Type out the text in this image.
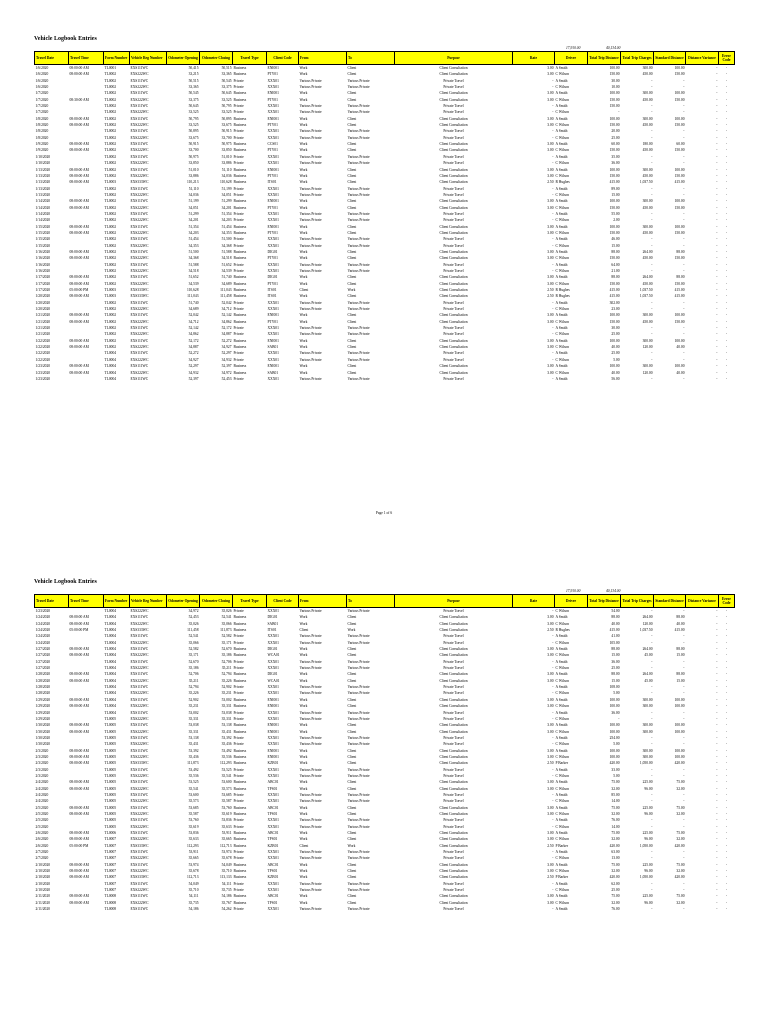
Vehicle Logbook Entries
17,910.00	40,134.00
Travel Date	Travel Time	Form Number	Vehicle Reg Number	Odometer Opening	Odometer Closing	Travel Type	Client Code	From	To	Purpose	Rate	Driver	Total Trip Distance	Total Trip Charges	Standard Distance	Distance Variance	Error Code
1/6/2020	08:00:00 AM	TL0001	EXS111WC	50,415	50,515	Business	ENI001	Work	Client	Client Consultation	3.00	A Smith	100.00	300.00	100.00	-	-
1/6/2020	08:00:00 AM	TL0002	EXS222WC	33,215	33,365	Business	PTY01	Work	Client	Client Consultation	3.00	C Wilson	150.00	450.00	150.00	-	-
1/6/2020		TL0002	EXS111WC	50,515	50,545	Private	XXX01	Various Private	Various Private	Private Travel	-	A Smith	30.00	-	-	-	-
1/6/2020		TL0002	EXS222WC	33,365	33,375	Private	XXX01	Various Private	Various Private	Private Travel	-	C Wilson	10.00	-	-	-	-
1/7/2020		TL0002	EXS111WC	50,545	50,645	Business	ENI001	Work	Client	Client Consultation	3.00	A Smith	100.00	300.00	100.00	-	-
1/7/2020	08:30:00 AM	TL0002	EXS222WC	33,375	33,525	Business	PTY01	Work	Client	Client Consultation	3.00	C Wilson	150.00	450.00	150.00	-	-
1/7/2020		TL0002	EXS111WC	50,645	50,795	Private	XXX01	Various Private	Various Private	Private Travel	-	A Smith	150.00	-	-	-	-
1/7/2020		TL0002	EXS222WC	33,525	33,525	Private	XXX01	Various Private	Various Private	Private Travel	-	C Wilson	-	-	-	-	-
1/8/2020	08:00:00 AM	TL0002	EXS111WC	50,795	50,895	Business	ENI001	Work	Client	Client Consultation	3.00	A Smith	100.00	300.00	100.00	-	-
1/8/2020	08:00:00 AM	TL0002	EXS222WC	33,525	33,675	Business	PTY01	Work	Client	Client Consultation	3.00	C Wilson	150.00	450.00	150.00	-	-
1/8/2020		TL0002	EXS111WC	50,895	50,915	Private	XXX01	Various Private	Various Private	Private Travel	-	A Smith	20.00	-	-	-	-
1/8/2020		TL0002	EXS222WC	33,675	33,700	Private	XXX01	Various Private	Various Private	Private Travel	-	C Wilson	25.00	-	-	-	-
1/9/2020	08:00:00 AM	TL0002	EXS111WC	50,915	50,975	Business	CCS01	Work	Client	Client Consultation	3.00	A Smith	60.00	180.00	60.00	-	-
1/9/2020	08:00:00 AM	TL0002	EXS222WC	33,700	33,850	Business	PTY01	Work	Client	Client Consultation	3.00	C Wilson	150.00	450.00	150.00	-	-
1/10/2020		TL0002	EXS111WC	50,975	51,010	Private	XXX01	Various Private	Various Private	Private Travel	-	A Smith	35.00	-	-	-	-
1/10/2020		TL0002	EXS222WC	33,850	33,886	Private	XXX01	Various Private	Various Private	Private Travel	-	C Wilson	36.00	-	-	-	-
1/13/2020	08:00:00 AM	TL0002	EXS111WC	51,010	51,110	Business	ENI001	Work	Client	Client Consultation	3.00	A Smith	100.00	300.00	100.00	-	-
1/13/2020	08:00:00 AM	TL0002	EXS222WC	33,886	34,036	Business	PTY01	Work	Client	Client Consultation	3.00	C Wilson	150.00	450.00	150.00	-	-
1/13/2020	08:00:00 AM	TL0003	EXS333WC	110,213	110,628	Business	ITS01	Work	Client	Client Consultation	2.50	R Hughes	415.00	1,037.50	415.00	-	-
1/13/2020		TL0002	EXS111WC	51,110	51,199	Private	XXX01	Various Private	Various Private	Private Travel	-	A Smith	89.00	-	-	-	-
1/13/2020		TL0002	EXS222WC	34,036	34,051	Private	XXX01	Various Private	Various Private	Private Travel	-	C Wilson	15.00	-	-	-	-
1/14/2020	08:00:00 AM	TL0002	EXS111WC	51,199	51,299	Business	ENI001	Work	Client	Client Consultation	3.00	A Smith	100.00	300.00	100.00	-	-
1/14/2020	08:00:00 AM	TL0002	EXS222WC	34,051	34,201	Business	PTY01	Work	Client	Client Consultation	3.00	C Wilson	150.00	450.00	150.00	-	-
1/14/2020		TL0002	EXS111WC	51,299	51,354	Private	XXX01	Various Private	Various Private	Private Travel	-	A Smith	55.00	-	-	-	-
1/14/2020		TL0002	EXS222WC	34,201	34,203	Private	XXX01	Various Private	Various Private	Private Travel	-	C Wilson	2.00	-	-	-	-
1/15/2020	08:00:00 AM	TL0002	EXS111WC	51,354	51,454	Business	ENI001	Work	Client	Client Consultation	3.00	A Smith	100.00	300.00	100.00	-	-
1/15/2020	08:00:00 AM	TL0002	EXS222WC	34,203	34,353	Business	PTY01	Work	Client	Client Consultation	3.00	C Wilson	150.00	450.00	150.00	-	-
1/15/2020		TL0002	EXS111WC	51,454	51,500	Private	XXX01	Various Private	Various Private	Private Travel	-	A Smith	46.00	-	-	-	-
1/15/2020		TL0002	EXS222WC	34,353	34,368	Private	XXX01	Various Private	Various Private	Private Travel	-	C Wilson	15.00	-	-	-	-
1/16/2020	08:00:00 AM	TL0002	EXS111WC	51,500	51,588	Business	DIG01	Work	Client	Client Consultation	3.00	A Smith	88.00	264.00	88.00	-	-
1/16/2020	08:00:00 AM	TL0002	EXS222WC	34,368	34,518	Business	PTY01	Work	Client	Client Consultation	3.00	C Wilson	150.00	450.00	150.00	-	-
1/16/2020		TL0002	EXS111WC	51,588	51,652	Private	XXX01	Various Private	Various Private	Private Travel	-	A Smith	64.00	-	-	-	-
1/16/2020		TL0002	EXS222WC	34,518	34,539	Private	XXX01	Various Private	Various Private	Private Travel	-	C Wilson	21.00	-	-	-	-
1/17/2020	08:00:00 AM	TL0002	EXS111WC	51,652	51,740	Business	DIG01	Work	Client	Client Consultation	3.00	A Smith	88.00	264.00	88.00	-	-
1/17/2020	08:00:00 AM	TL0002	EXS222WC	34,539	34,689	Business	PTY01	Work	Client	Client Consultation	3.00	C Wilson	150.00	450.00	150.00	-	-
1/17/2020	05:00:00 PM	TL0003	EXS333WC	110,628	111,043	Business	ITS01	Client	Work	Client Consultation	2.50	R Hughes	415.00	1,037.50	415.00	-	-
1/20/2020	08:00:00 AM	TL0003	EXS333WC	111,043	111,458	Business	ITS01	Work	Client	Client Consultation	2.50	R Hughes	415.00	1,037.50	415.00	-	-
1/20/2020		TL0002	EXS111WC	51,740	52,042	Private	XXX01	Various Private	Various Private	Private Travel	-	A Smith	302.00	-	-	-	-
1/20/2020		TL0002	EXS222WC	34,689	34,712	Private	XXX01	Various Private	Various Private	Private Travel	-	C Wilson	23.00	-	-	-	-
1/21/2020	08:00:00 AM	TL0002	EXS111WC	52,042	52,142	Business	ENI001	Work	Client	Client Consultation	3.00	A Smith	100.00	300.00	100.00	-	-
1/21/2020	08:00:00 AM	TL0002	EXS222WC	34,712	34,862	Business	PTY01	Work	Client	Client Consultation	3.00	C Wilson	150.00	450.00	150.00	-	-
1/21/2020		TL0002	EXS111WC	52,142	52,172	Private	XXX01	Various Private	Various Private	Private Travel	-	A Smith	30.00	-	-	-	-
1/21/2020		TL0002	EXS222WC	34,862	34,887	Private	XXX01	Various Private	Various Private	Private Travel	-	C Wilson	25.00	-	-	-	-
1/22/2020	08:00:00 AM	TL0002	EXS111WC	52,172	52,272	Business	ENI001	Work	Client	Client Consultation	3.00	A Smith	100.00	300.00	100.00	-	-
1/22/2020	08:00:00 AM	TL0002	EXS222WC	34,887	34,927	Business	SAB01	Work	Client	Client Consultation	3.00	C Wilson	40.00	120.00	40.00	-	-
1/22/2020		TL0004	EXS111WC	52,272	52,297	Private	XXX01	Various Private	Various Private	Private Travel	-	A Smith	25.00	-	-	-	-
1/22/2020		TL0004	EXS222WC	34,927	34,932	Private	XXX01	Various Private	Various Private	Private Travel	-	C Wilson	5.00	-	-	-	-
1/23/2020	08:00:00 AM	TL0004	EXS111WC	52,297	52,397	Business	ENI001	Work	Client	Client Consultation	3.00	A Smith	100.00	300.00	100.00	-	-
1/23/2020	08:00:00 AM	TL0004	EXS222WC	34,932	34,972	Business	SAB01	Work	Client	Client Consultation	3.00	C Wilson	40.00	120.00	40.00	-	-
1/23/2020		TL0004	EXS111WC	52,397	52,453	Private	XXX01	Various Private	Various Private	Private Travel	-	A Smith	56.00	-	-	-	-
Page 1 of 6
Vehicle Logbook Entries
17,910.00	40,134.00
Travel Date	Travel Time	Form Number	Vehicle Reg Number	Odometer Opening	Odometer Closing	Travel Type	Client Code	From	To	Purpose	Rate	Driver	Total Trip Distance	Total Trip Charges	Standard Distance	Distance Variance	Error Code
1/23/2020		TL0004	EXS222WC	34,972	35,026	Private	XXX01	Various Private	Various Private	Private Travel	-	C Wilson	54.00	-	-	-	-
1/24/2020	08:00:00 AM	TL0004	EXS111WC	52,453	52,541	Business	DIG01	Work	Client	Client Consultation	3.00	A Smith	88.00	264.00	88.00	-	-
1/24/2020	08:00:00 AM	TL0004	EXS222WC	35,026	35,066	Business	SAB01	Work	Client	Client Consultation	3.00	C Wilson	40.00	120.00	40.00	-	-
1/24/2020	05:00:00 PM	TL0004	EXS333WC	111,458	111,873	Business	ITS01	Client	Work	Client Consultation	2.50	R Hughes	415.00	1,037.50	415.00	-	-
1/24/2020		TL0004	EXS111WC	52,541	52,582	Private	XXX01	Various Private	Various Private	Private Travel	-	A Smith	41.00	-	-	-	-
1/24/2020		TL0004	EXS222WC	35,066	35,171	Private	XXX01	Various Private	Various Private	Private Travel	-	C Wilson	105.00	-	-	-	-
1/27/2020	08:00:00 AM	TL0004	EXS111WC	52,582	52,670	Business	DIG01	Work	Client	Client Consultation	3.00	A Smith	88.00	264.00	88.00	-	-
1/27/2020	08:00:00 AM	TL0004	EXS222WC	35,171	35,186	Business	WCA01	Work	Client	Client Consultation	3.00	C Wilson	15.00	45.00	15.00	-	-
1/27/2020		TL0004	EXS111WC	52,670	52,706	Private	XXX01	Various Private	Various Private	Private Travel	-	A Smith	36.00	-	-	-	-
1/27/2020		TL0004	EXS222WC	35,186	35,211	Private	XXX01	Various Private	Various Private	Private Travel	-	C Wilson	25.00	-	-	-	-
1/28/2020	08:00:00 AM	TL0004	EXS111WC	52,706	52,794	Business	DIG01	Work	Client	Client Consultation	3.00	A Smith	88.00	264.00	88.00	-	-
1/28/2020	08:00:00 AM	TL0004	EXS222WC	35,211	35,226	Business	WCA01	Work	Client	Client Consultation	3.00	C Wilson	15.00	45.00	15.00	-	-
1/28/2020		TL0004	EXS111WC	52,794	52,902	Private	XXX01	Various Private	Various Private	Private Travel	-	A Smith	108.00	-	-	-	-
1/28/2020		TL0004	EXS222WC	35,226	35,231	Private	XXX01	Various Private	Various Private	Private Travel	-	C Wilson	5.00	-	-	-	-
1/29/2020	08:00:00 AM	TL0004	EXS111WC	52,902	53,002	Business	ENI001	Work	Client	Client Consultation	3.00	A Smith	100.00	300.00	100.00	-	-
1/29/2020	08:00:00 AM	TL0004	EXS222WC	35,231	35,331	Business	ENI001	Work	Client	Client Consultation	3.00	C Wilson	100.00	300.00	100.00	-	-
1/29/2020		TL0004	EXS111WC	53,002	53,038	Private	XXX01	Various Private	Various Private	Private Travel	-	A Smith	36.00	-	-	-	-
1/29/2020		TL0005	EXS222WC	35,331	35,331	Private	XXX01	Various Private	Various Private	Private Travel	-	C Wilson	-	-	-	-	-
1/30/2020	08:00:00 AM	TL0005	EXS111WC	53,038	53,138	Business	ENI001	Work	Client	Client Consultation	3.00	A Smith	100.00	300.00	100.00	-	-
1/30/2020	08:00:00 AM	TL0005	EXS222WC	35,331	35,431	Business	ENI001	Work	Client	Client Consultation	3.00	C Wilson	100.00	300.00	100.00	-	-
1/30/2020		TL0005	EXS111WC	53,138	53,392	Private	XXX01	Various Private	Various Private	Private Travel	-	A Smith	254.00	-	-	-	-
1/30/2020		TL0005	EXS222WC	35,431	35,436	Private	XXX01	Various Private	Various Private	Private Travel	-	C Wilson	5.00	-	-	-	-
2/3/2020	08:00:00 AM	TL0005	EXS111WC	53,392	53,492	Business	ENI001	Work	Client	Client Consultation	3.00	A Smith	100.00	300.00	100.00	-	-
2/3/2020	08:00:00 AM	TL0005	EXS222WC	35,436	35,536	Business	ENI001	Work	Client	Client Consultation	3.00	C Wilson	100.00	300.00	100.00	-	-
2/3/2020	08:00:00 AM	TL0005	EXS333WC	111,873	112,293	Business	KZB01	Work	Client	Client Consultation	2.50	P Barker	420.00	1,050.00	420.00	-	-
2/3/2020		TL0005	EXS111WC	53,492	53,525	Private	XXX01	Various Private	Various Private	Private Travel	-	A Smith	33.00	-	-	-	-
2/3/2020		TL0005	EXS222WC	35,536	35,541	Private	XXX01	Various Private	Various Private	Private Travel	-	C Wilson	5.00	-	-	-	-
2/4/2020	08:00:00 AM	TL0005	EXS111WC	53,525	53,600	Business	ABC01	Work	Client	Client Consultation	3.00	A Smith	75.00	225.00	75.00	-	-
2/4/2020	08:00:00 AM	TL0005	EXS222WC	35,541	35,573	Business	TPS01	Work	Client	Client Consultation	3.00	C Wilson	32.00	96.00	32.00	-	-
2/4/2020		TL0005	EXS111WC	53,600	53,685	Private	XXX01	Various Private	Various Private	Private Travel	-	A Smith	85.00	-	-	-	-
2/4/2020		TL0005	EXS222WC	35,573	35,587	Private	XXX01	Various Private	Various Private	Private Travel	-	C Wilson	14.00	-	-	-	-
2/5/2020	08:00:00 AM	TL0005	EXS111WC	53,685	53,760	Business	ABC01	Work	Client	Client Consultation	3.00	A Smith	75.00	225.00	75.00	-	-
2/5/2020	08:00:00 AM	TL0005	EXS222WC	35,587	35,619	Business	TPS01	Work	Client	Client Consultation	3.00	C Wilson	32.00	96.00	32.00	-	-
2/5/2020		TL0005	EXS111WC	53,760	53,836	Private	XXX01	Various Private	Various Private	Private Travel	-	A Smith	76.00	-	-	-	-
2/5/2020		TL0005	EXS222WC	35,619	35,633	Private	XXX01	Various Private	Various Private	Private Travel	-	C Wilson	14.00	-	-	-	-
2/6/2020	08:00:00 AM	TL0006	EXS111WC	53,836	53,911	Business	ABC01	Work	Client	Client Consultation	3.00	A Smith	75.00	225.00	75.00	-	-
2/6/2020	08:00:00 AM	TL0007	EXS222WC	35,633	35,665	Business	TPS01	Work	Client	Client Consultation	3.00	C Wilson	32.00	96.00	32.00	-	-
2/6/2020	05:00:00 PM	TL0007	EXS333WC	112,293	112,713	Business	KZB01	Client	Work	Client Consultation	2.50	P Barker	420.00	1,050.00	420.00	-	-
2/7/2020		TL0007	EXS111WC	53,911	53,974	Private	XXX01	Various Private	Various Private	Private Travel	-	A Smith	63.00	-	-	-	-
2/7/2020		TL0007	EXS222WC	35,665	35,678	Private	XXX01	Various Private	Various Private	Private Travel	-	C Wilson	13.00	-	-	-	-
2/10/2020	08:00:00 AM	TL0007	EXS111WC	53,974	54,049	Business	ABC01	Work	Client	Client Consultation	3.00	A Smith	75.00	225.00	75.00	-	-
2/10/2020	08:00:00 AM	TL0007	EXS222WC	35,678	35,710	Business	TPS01	Work	Client	Client Consultation	3.00	C Wilson	32.00	96.00	32.00	-	-
2/10/2020	08:00:00 AM	TL0007	EXS333WC	112,713	113,133	Business	KZB01	Work	Client	Client Consultation	2.50	P Barker	420.00	1,050.00	420.00	-	-
2/10/2020		TL0007	EXS111WC	54,049	54,111	Private	XXX01	Various Private	Various Private	Private Travel	-	A Smith	62.00	-	-	-	-
2/10/2020		TL0007	EXS222WC	35,710	35,735	Private	XXX01	Various Private	Various Private	Private Travel	-	C Wilson	25.00	-	-	-	-
2/11/2020	08:00:00 AM	TL0008	EXS111WC	54,111	54,186	Business	ABC01	Work	Client	Client Consultation	3.00	A Smith	75.00	225.00	75.00	-	-
2/11/2020	08:00:00 AM	TL0008	EXS222WC	35,735	35,767	Business	TPS01	Work	Client	Client Consultation	3.00	C Wilson	32.00	96.00	32.00	-	-
2/11/2020		TL0008	EXS111WC	54,186	54,262	Private	XXX01	Various Private	Various Private	Private Travel	-	A Smith	76.00	-	-	-	-
